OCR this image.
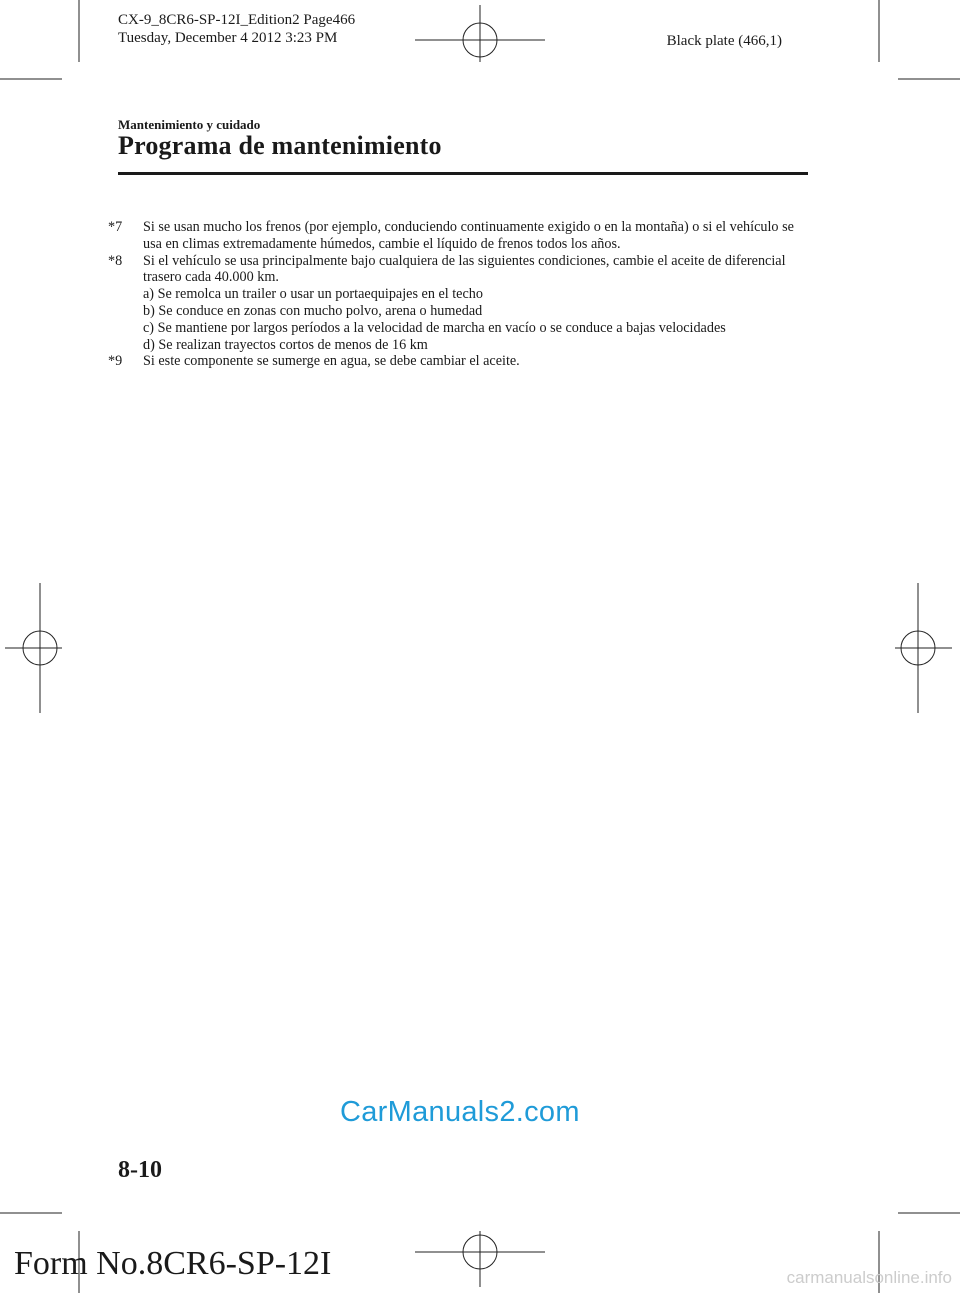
CX-9_8CR6-SP-12I_Edition2 Page466
Tuesday, December 4 2012 3:23 PM	Black plate (466,1)
Mantenimiento y cuidado
Programa de mantenimiento
*7 Si se usan mucho los frenos (por ejemplo, conduciendo continuamente exigido o en la montaña) o si el vehículo se usa en climas extremadamente húmedos, cambie el líquido de frenos todos los años.
*8 Si el vehículo se usa principalmente bajo cualquiera de las siguientes condiciones, cambie el aceite de diferencial trasero cada 40.000 km.
a) Se remolca un trailer o usar un portaequipajes en el techo
b) Se conduce en zonas con mucho polvo, arena o humedad
c) Se mantiene por largos períodos a la velocidad de marcha en vacío o se conduce a bajas velocidades
d) Se realizan trayectos cortos de menos de 16 km
*9 Si este componente se sumerge en agua, se debe cambiar el aceite.
CarManuals2.com
8-10
Form No.8CR6-SP-12I	carmanualsonline.info
